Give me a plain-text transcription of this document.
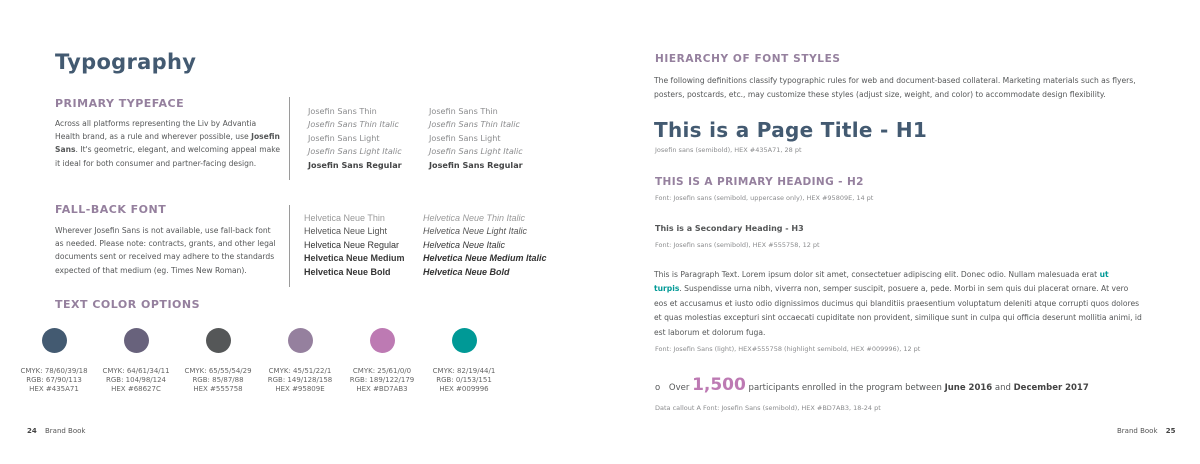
Typography
PRIMARY TYPEFACE
Across all platforms representing the Liv by Advantia
Health brand, as a rule and wherever possible, use Josefin
Sans. It's geometric, elegant, and welcoming appeal make
it ideal for both consumer and partner-facing design.
Josefin Sans Thin
Josefin Sans Thin Italic
Josefin Sans Light
Josefin Sans Light Italic
Josefin Sans Regular
Josefin Sans Thin
Josefin Sans Thin Italic
Josefin Sans Light
Josefin Sans Light Italic
Josefin Sans Regular
FALL-BACK FONT
Wherever Josefin Sans is not available, use fall-back font
as needed. Please note: contracts, grants, and other legal
documents sent or received may adhere to the standards
expected of that medium (eg. Times New Roman).
Helvetica Neue Thin
Helvetica Neue Light
Helvetica Neue Regular
Helvetica Neue Medium
Helvetica Neue Bold
Helvetica Neue Thin Italic
Helvetica Neue Light Italic
Helvetica Neue Italic
Helvetica Neue Medium Italic
Helvetica Neue Bold
TEXT COLOR OPTIONS
CMYK: 78/60/39/18
RGB: 67/90/113
HEX #435A71
CMYK: 64/61/34/11
RGB: 104/98/124
HEX #68627C
CMYK: 65/55/54/29
RGB: 85/87/88
HEX #555758
CMYK: 45/51/22/1
RGB: 149/128/158
HEX #95809E
CMYK: 25/61/0/0
RGB: 189/122/179
HEX #BD7AB3
CMYK: 82/19/44/1
RGB: 0/153/151
HEX #009996
24 Brand Book
HIERARCHY OF FONT STYLES
The following definitions classify typographic rules for web and document-based collateral. Marketing materials such as flyers,
posters, postcards, etc., may customize these styles (adjust size, weight, and color) to accommodate design flexibility.
This is a Page Title - H1
Josefin sans (semibold), HEX #435A71, 28 pt
THIS IS A PRIMARY HEADING - H2
Font: Josefin sans (semibold, uppercase only), HEX #95809E, 14 pt
This is a Secondary Heading - H3
Font: Josefin sans (semibold), HEX #555758, 12 pt
This is Paragraph Text. Lorem ipsum dolor sit amet, consectetuer adipiscing elit. Donec odio. Nullam malesuada erat ut
turpis. Suspendisse urna nibh, viverra non, semper suscipit, posuere a, pede. Morbi in sem quis dui placerat ornare. At vero
eos et accusamus et iusto odio dignissimos ducimus qui blanditiis praesentium voluptatum deleniti atque corrupti quos dolores
et quas molestias excepturi sint occaecati cupiditate non provident, similique sunt in culpa qui officia deserunt mollitia animi, id
est laborum et dolorum fuga.
Font: Josefin Sans (light), HEX#555758 (highlight semibold, HEX #009996), 12 pt
o Over 1,500 participants enrolled in the program between June 2016 and December 2017
Data callout A Font: Josefin Sans (semibold), HEX #BD7AB3, 18-24 pt
Brand Book 25
